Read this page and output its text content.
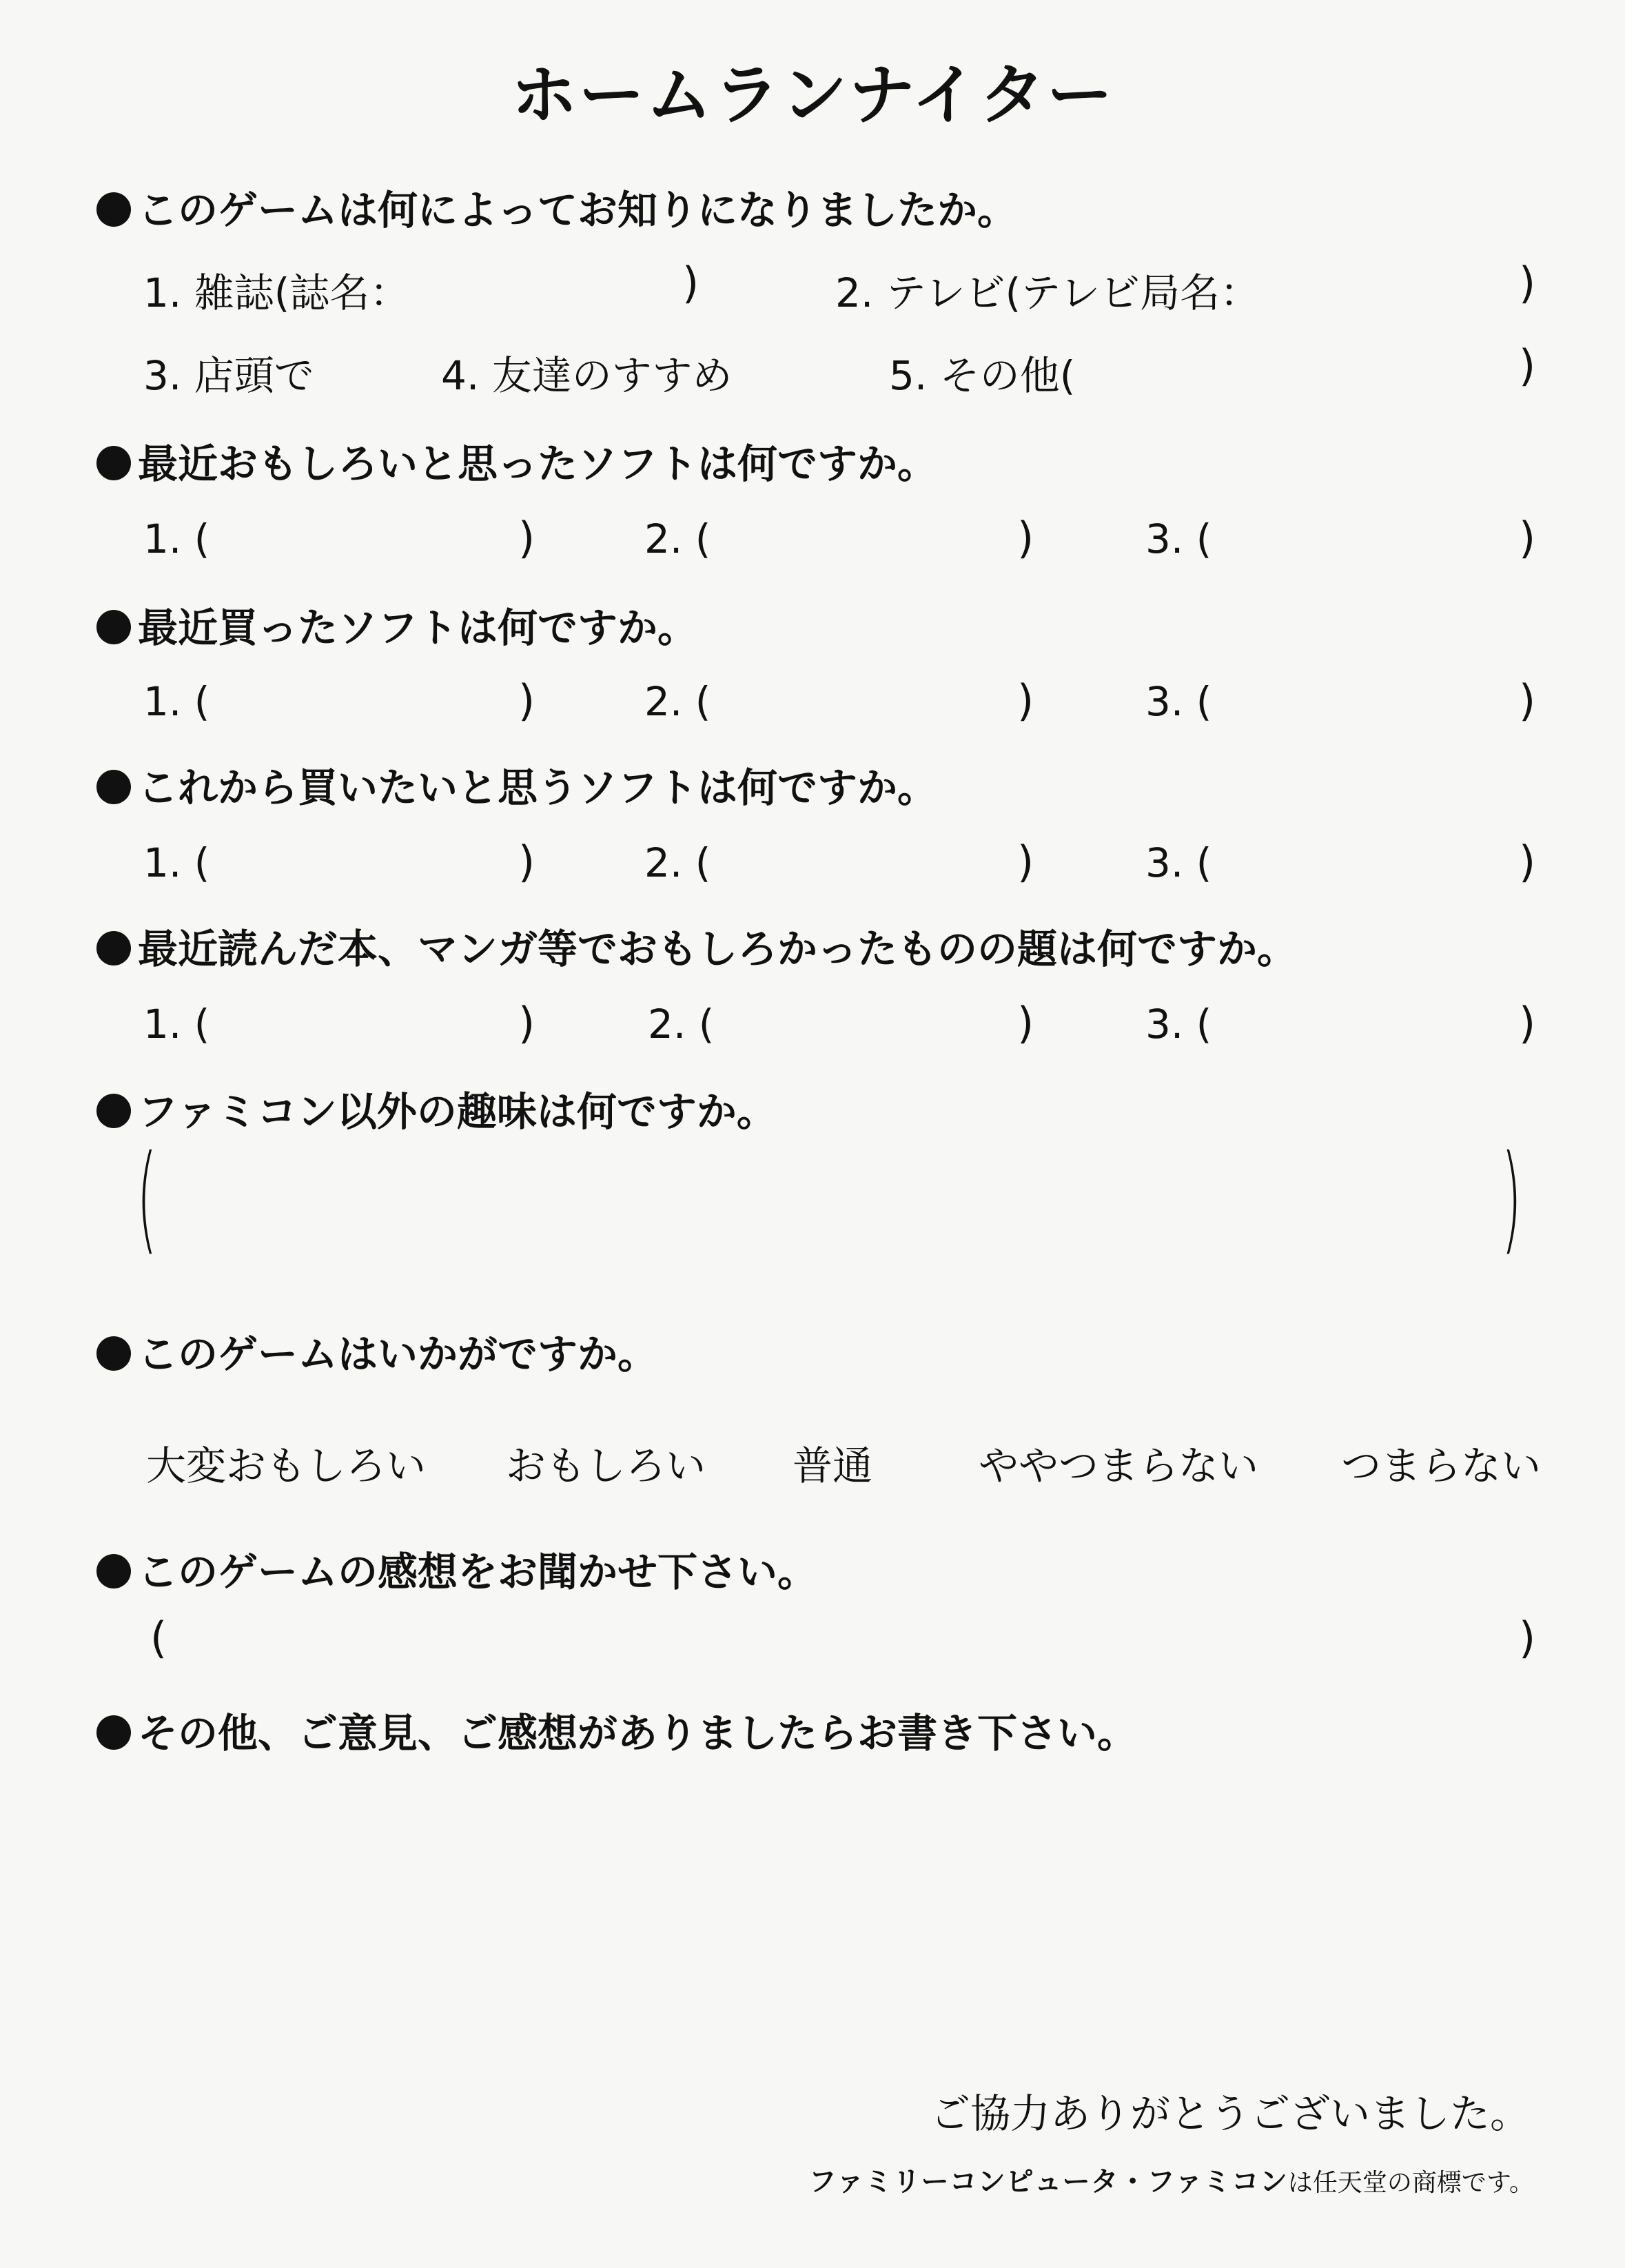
ホームランナイター
このゲームは何によってお知りになりましたか。
1. 雑誌(誌名：	)	2. テレビ(テレビ局名：	)
3. 店頭で	4. 友達のすすめ	5. その他(	)
最近おもしろいと思ったソフトは何ですか。
1. (	)	2. (	)	3. (	)
最近買ったソフトは何ですか。
1. (	)	2. (	)	3. (	)
これから買いたいと思うソフトは何ですか。
1. (	)	2. (	)	3. (	)
最近読んだ本、マンガ等でおもしろかったものの題は何ですか。
1. (	)	2. (	)	3. (	)
ファミコン以外の趣味は何ですか。
(	)
このゲームはいかがですか。
大変おもしろい おもしろい 普通	ややつまらない つまらない
このゲームの感想をお聞かせ下さい。
(	)
その他、ご意見、ご感想がありましたらお書き下さい。
ご協力ありがとうございました。
ファミリーコンピュータ・ファミコンは任天堂の商標です。
